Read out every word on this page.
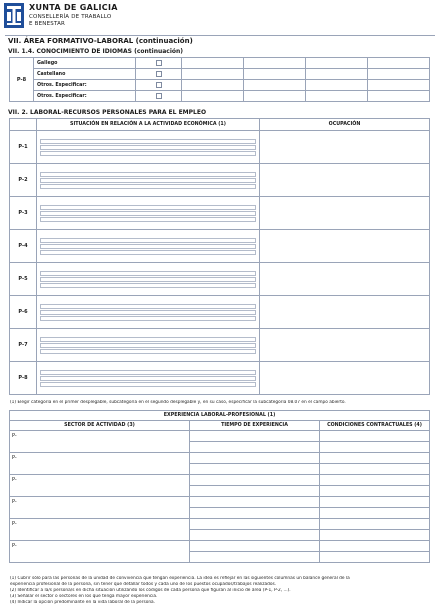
XUNTA DE GALICIA
CONSELLERÍA DE TRABALLO
E BENESTAR
VII. ÁREA FORMATIVO-LABORAL (continuación)
VII. 1.4. CONOCIMIENTO DE IDIOMAS (continuación)
P-8	Gallego					
	Castellano					
	Otros. Especificar:					
	Otros. Especificar:					
VII. 2. LABORAL-RECURSOS PERSONALES PARA EL EMPLEO
	SITUACIÓN EN RELACIÓN A LA ACTIVIDAD ECONÓMICA (1)	OCUPACIÓN
P-1	

P-2	

P-3	

P-4	

P-5	

P-6	

P-7	

P-8	

(1) Elegir categoría en el primer desplegable, subcategoría en el segundo desplegable y, en su caso, especificar la subcategoría 08.07 en el campo abierto.
EXPERIENCIA LABORAL-PROFESIONAL (1)		
SECTOR DE ACTIVIDAD (3)	TIEMPO DE EXPERIENCIA	CONDICIONES CONTRACTUALES (4)
P-		

P-		

P-		

P-		

P-		

P-		

(1) Cubrir sólo para las personas de la unidad de convivencia que tengan experiencia. La idea es reflejar en las siguientes columnas un balance general de la
experiencia profesional de la persona, sin tener que detallar todos y cada uno de los puestos ocupados/trabajos realizados.
(2) Identificar a la/s persona/s en dicha situación utilizando los códigos de cada persona que figuran al inicio de área (P-1, P-2, ...).
(3) Señalar el sector o sectores en los que tenga mayor experiencia.
(4) Indicar la opción predominante en la vida laboral de la persona.
